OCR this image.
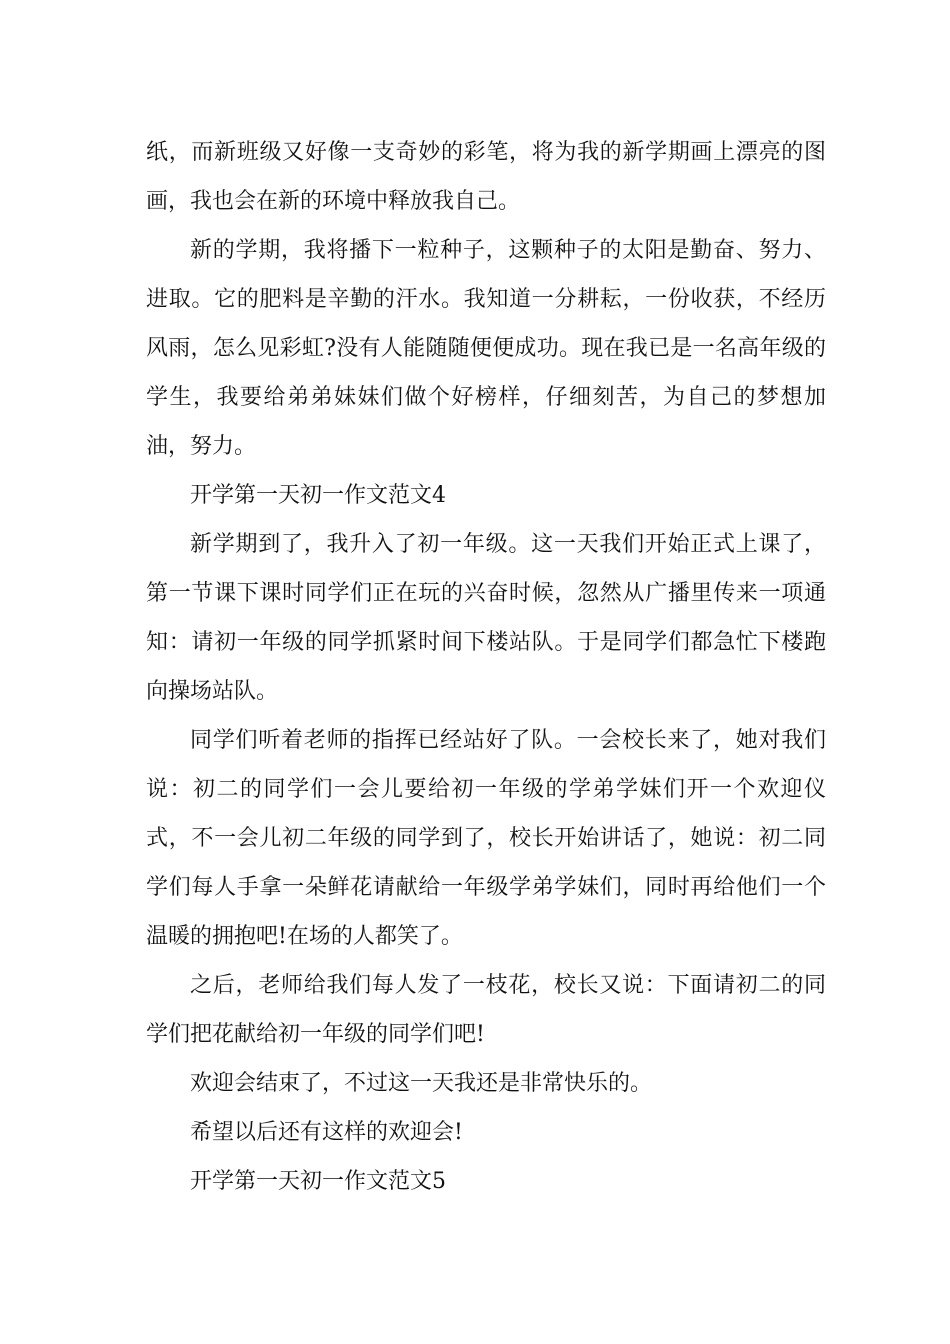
纸，而新班级又好像一支奇妙的彩笔，将为我的新学期画上漂亮的图画，我也会在新的环境中释放我自己。

新的学期，我将播下一粒种子，这颗种子的太阳是勤奋、努力、进取。它的肥料是辛勤的汗水。我知道一分耕耘，一份收获，不经历风雨，怎么见彩虹?没有人能随随便便成功。现在我已是一名高年级的学生，我要给弟弟妹妹们做个好榜样，仔细刻苦，为自己的梦想加油，努力。

开学第一天初一作文范文4

新学期到了，我升入了初一年级。这一天我们开始正式上课了，第一节课下课时同学们正在玩的兴奋时候，忽然从广播里传来一项通知：请初一年级的同学抓紧时间下楼站队。于是同学们都急忙下楼跑向操场站队。

同学们听着老师的指挥已经站好了队。一会校长来了，她对我们说：初二的同学们一会儿要给初一年级的学弟学妹们开一个欢迎仪式，不一会儿初二年级的同学到了，校长开始讲话了，她说：初二同学们每人手拿一朵鲜花请献给一年级学弟学妹们，同时再给他们一个温暖的拥抱吧!在场的人都笑了。

之后，老师给我们每人发了一枝花，校长又说：下面请初二的同学们把花献给初一年级的同学们吧!

欢迎会结束了，不过这一天我还是非常快乐的。

希望以后还有这样的欢迎会!

开学第一天初一作文范文5
